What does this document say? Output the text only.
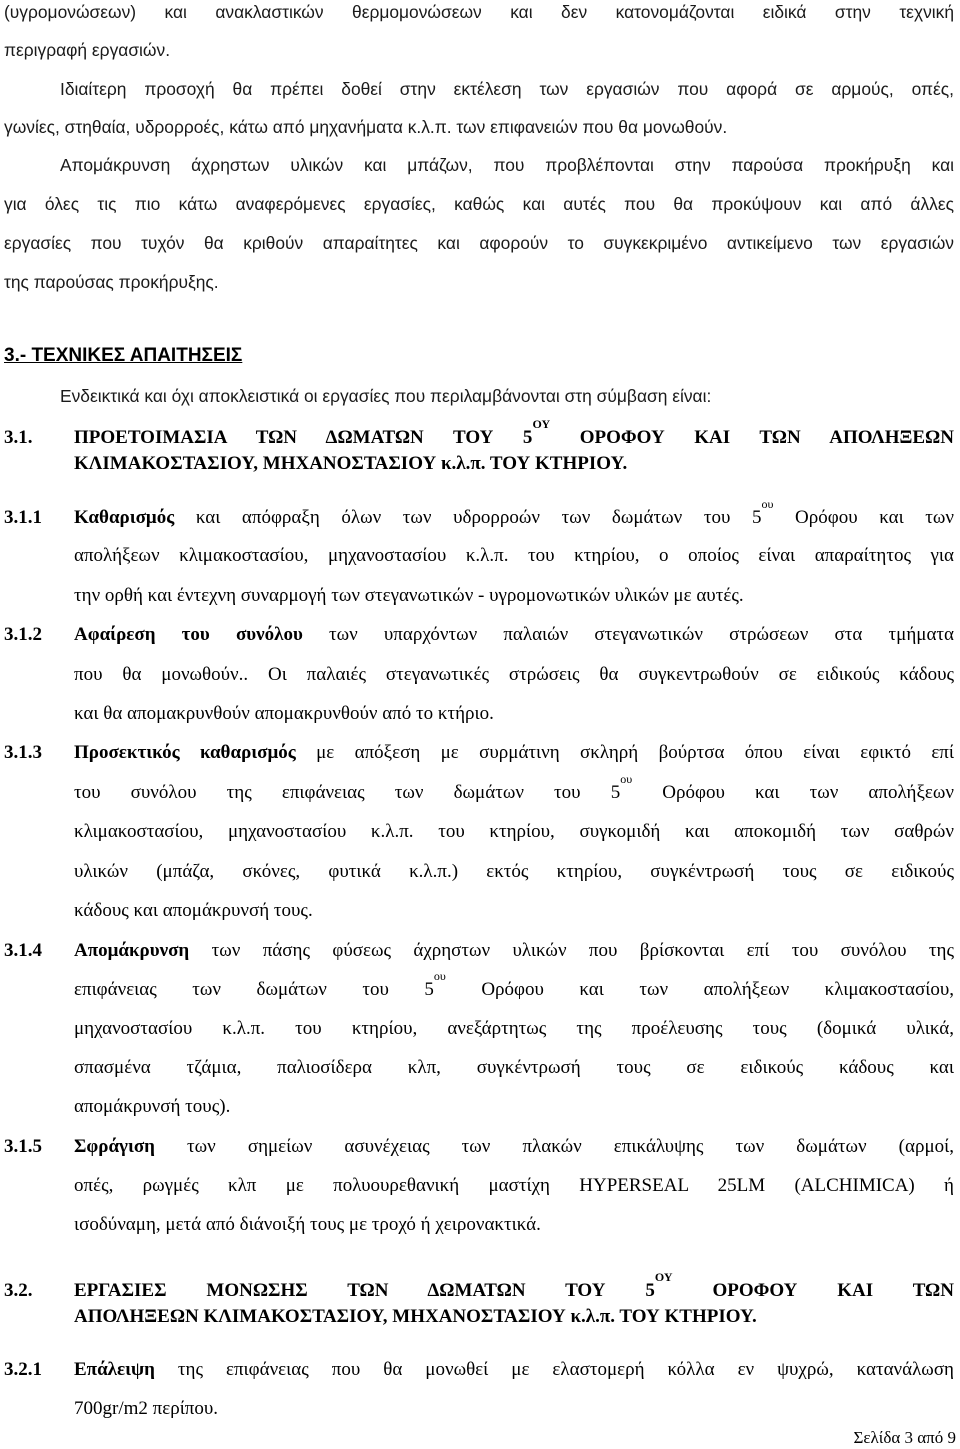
(υγρομονώσεων) και ανακλαστικών θερμομονώσεων και δεν κατονομάζονται ειδικά στην τεχνική
περιγραφή εργασιών.
Ιδιαίτερη προσοχή θα πρέπει δοθεί στην εκτέλεση των εργασιών που αφορά σε αρμούς, οπές,
γωνίες, στηθαία, υδρορροές, κάτω από μηχανήματα κ.λ.π. των επιφανειών που θα μονωθούν.
Απομάκρυνση άχρηστων υλικών και μπάζων, που προβλέπονται στην παρούσα προκήρυξη και
για όλες τις πιο κάτω αναφερόμενες εργασίες, καθώς και αυτές που θα προκύψουν και από άλλες
εργασίες που τυχόν θα κριθούν απαραίτητες και αφορούν το συγκεκριμένο αντικείμενο των εργασιών
της παρούσας προκήρυξης.
3.- ΤΕΧΝΙΚΕΣ ΑΠΑΙΤΗΣΕΙΣ
Ενδεικτικά και όχι αποκλειστικά οι εργασίες που περιλαμβάνονται στη σύμβαση είναι:
3.1. ΠΡΟΕΤΟΙΜΑΣΙΑ ΤΩΝ ΔΩΜΑΤΩΝ ΤΟΥ $5^{O\Upsilon}$ ΟΡΟΦΟΥ ΚΑΙ ΤΩΝ ΑΠΟΛΗΞΕΩΝ
ΚΛΙΜΑΚΟΣΤΑΣΙΟΥ, ΜΗΧΑΝΟΣΤΑΣΙΟΥ κ.λ.π. ΤΟΥ ΚΤΗΡΙΟΥ.
3.1.1 Καθαρισμός και απόφραξη όλων των υδρορροών των δωμάτων του $5^{o\upsilon}$ Ορόφου και των
απολήξεων κλιμακοστασίου, μηχανοστασίου κ.λ.π. του κτηρίου, ο οποίος είναι απαραίτητος για
την ορθή και έντεχνη συναρμογή των στεγανωτικών - υγρομονωτικών υλικών με αυτές.
3.1.2 Αφαίρεση του συνόλου των υπαρχόντων παλαιών στεγανωτικών στρώσεων στα τμήματα
που θα μονωθούν.. Οι παλαιές στεγανωτικές στρώσεις θα συγκεντρωθούν σε ειδικούς κάδους
και θα απομακρυνθούν απομακρυνθούν από το κτήριο.
3.1.3 Προσεκτικός καθαρισμός με απόξεση με συρμάτινη σκληρή βούρτσα όπου είναι εφικτό επί
του συνόλου της επιφάνειας των δωμάτων του $5^{o\upsilon}$ Ορόφου και των απολήξεων
κλιμακοστασίου, μηχανοστασίου κ.λ.π. του κτηρίου, συγκομιδή και αποκομιδή των σαθρών
υλικών (μπάζα, σκόνες, φυτικά κ.λ.π.) εκτός κτηρίου, συγκέντρωσή τους σε ειδικούς
κάδους και απομάκρυνσή τους.
3.1.4 Απομάκρυνση των πάσης φύσεως άχρηστων υλικών που βρίσκονται επί του συνόλου της
επιφάνειας των δωμάτων του $5^{o\upsilon}$ Ορόφου και των απολήξεων κλιμακοστασίου,
μηχανοστασίου κ.λ.π. του κτηρίου, ανεξάρτητως της προέλευσης τους (δομικά υλικά,
σπασμένα τζάμια, παλιοσίδερα κλπ, συγκέντρωσή τους σε ειδικούς κάδους και
απομάκρυνσή τους).
3.1.5 Σφράγιση των σημείων ασυνέχειας των πλακών επικάλυψης των δωμάτων (αρμοί,
οπές, ρωγμές κλπ με πολυουρεθανική μαστίχη HYPERSEAL 25LM (ALCHIMICA) ή
ισοδύναμη, μετά από διάνοιξή τους με τροχό ή χειρονακτικά.
3.2. ΕΡΓΑΣΙΕΣ ΜΟΝΩΣΗΣ ΤΩΝ ΔΩΜΑΤΩΝ ΤΟΥ $5^{O\Upsilon}$ ΟΡΟΦΟΥ ΚΑΙ ΤΩΝ
ΑΠΟΛΗΞΕΩΝ ΚΛΙΜΑΚΟΣΤΑΣΙΟΥ, ΜΗΧΑΝΟΣΤΑΣΙΟΥ κ.λ.π. ΤΟΥ ΚΤΗΡΙΟΥ.
3.2.1 Επάλειψη της επιφάνειας που θα μονωθεί με ελαστομερή κόλλα εν ψυχρώ, κατανάλωση
700gr/m2 περίπου.
Σελίδα 3 από 9
